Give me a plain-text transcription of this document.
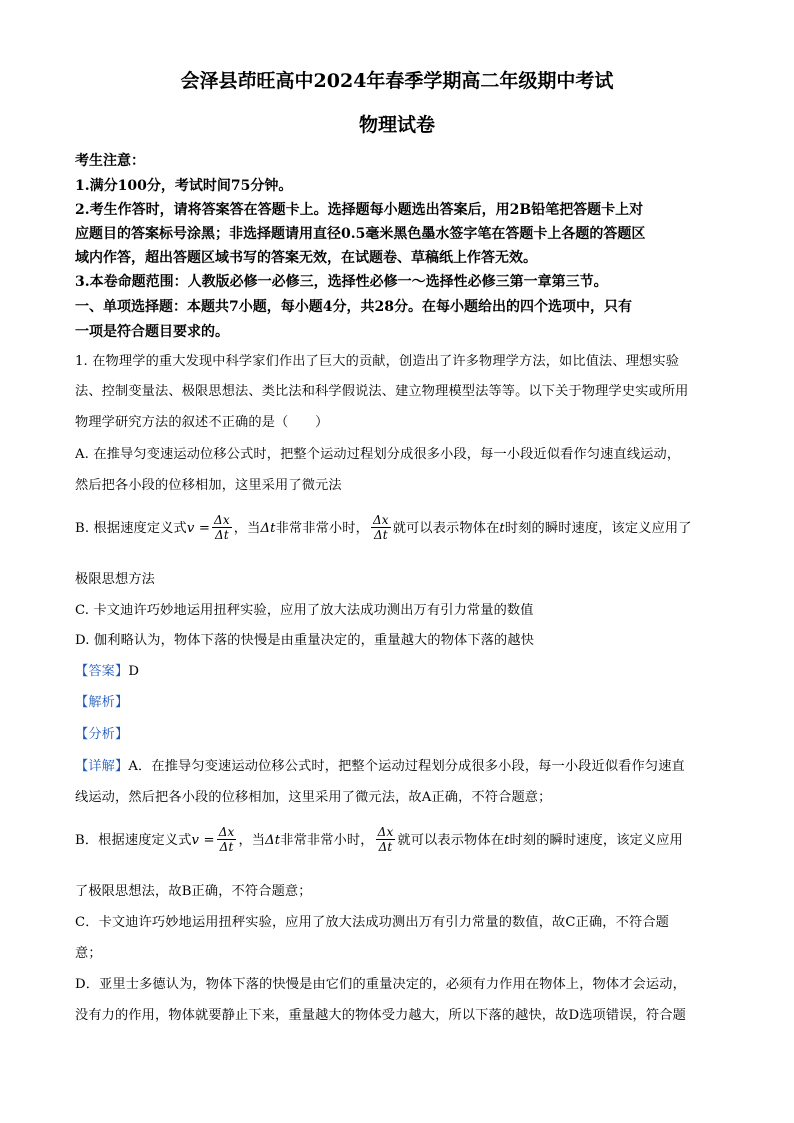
会泽县茚旺高中2024年春季学期高二年级期中考试
物理试卷
考生注意：
1.满分100分，考试时间75分钟。
2.考生作答时，请将答案答在答题卡上。选择题每小题选出答案后，用2B铅笔把答题卡上对
应题目的答案标号涂黑；非选择题请用直径0.5毫米黑色墨水签字笔在答题卡上各题的答题区
域内作答，超出答题区域书写的答案无效，在试题卷、草稿纸上作答无效。
3.本卷命题范围：人教版必修一必修三，选择性必修一～选择性必修三第一章第三节。
一、单项选择题：本题共7小题，每小题4分，共28分。在每小题给出的四个选项中，只有
一项是符合题目要求的。
1. 在物理学的重大发现中科学家们作出了巨大的贡献，创造出了许多物理学方法，如比值法、理想实验
法、控制变量法、极限思想法、类比法和科学假说法、建立物理模型法等等。以下关于物理学史实或所用
物理学研究方法的叙述不正确的是（　　）
A. 在推导匀变速运动位移公式时，把整个运动过程划分成很多小段，每一小段近似看作匀速直线运动，
然后把各小段的位移相加，这里采用了微元法
B. 根据速度定义式$v = \frac{\Delta x}{\Delta t}$ ，当Δt非常非常小时， $\frac{\Delta x}{\Delta t}$ 就可以表示物体在t时刻的瞬时速度，该定义应用了
极限思想方法
C. 卡文迪许巧妙地运用扭秤实验，应用了放大法成功测出万有引力常量的数值
D. 伽利略认为，物体下落的快慢是由重量决定的，重量越大的物体下落的越快
【答案】D
【解析】
【分析】
【详解】A．在推导匀变速运动位移公式时，把整个运动过程划分成很多小段，每一小段近似看作匀速直
线运动，然后把各小段的位移相加，这里采用了微元法，故A正确，不符合题意；
B．根据速度定义式$v = \frac{\Delta x}{\Delta t}$ ，当Δt非常非常小时， $\frac{\Delta x}{\Delta t}$ 就可以表示物体在t时刻的瞬时速度，该定义应用
了极限思想法，故B正确，不符合题意；
C．卡文迪许巧妙地运用扭秤实验，应用了放大法成功测出万有引力常量的数值，故C正确，不符合题
意；
D．亚里士多德认为，物体下落的快慢是由它们的重量决定的，必须有力作用在物体上，物体才会运动，
没有力的作用，物体就要静止下来，重量越大的物体受力越大，所以下落的越快，故D选项错误，符合题
